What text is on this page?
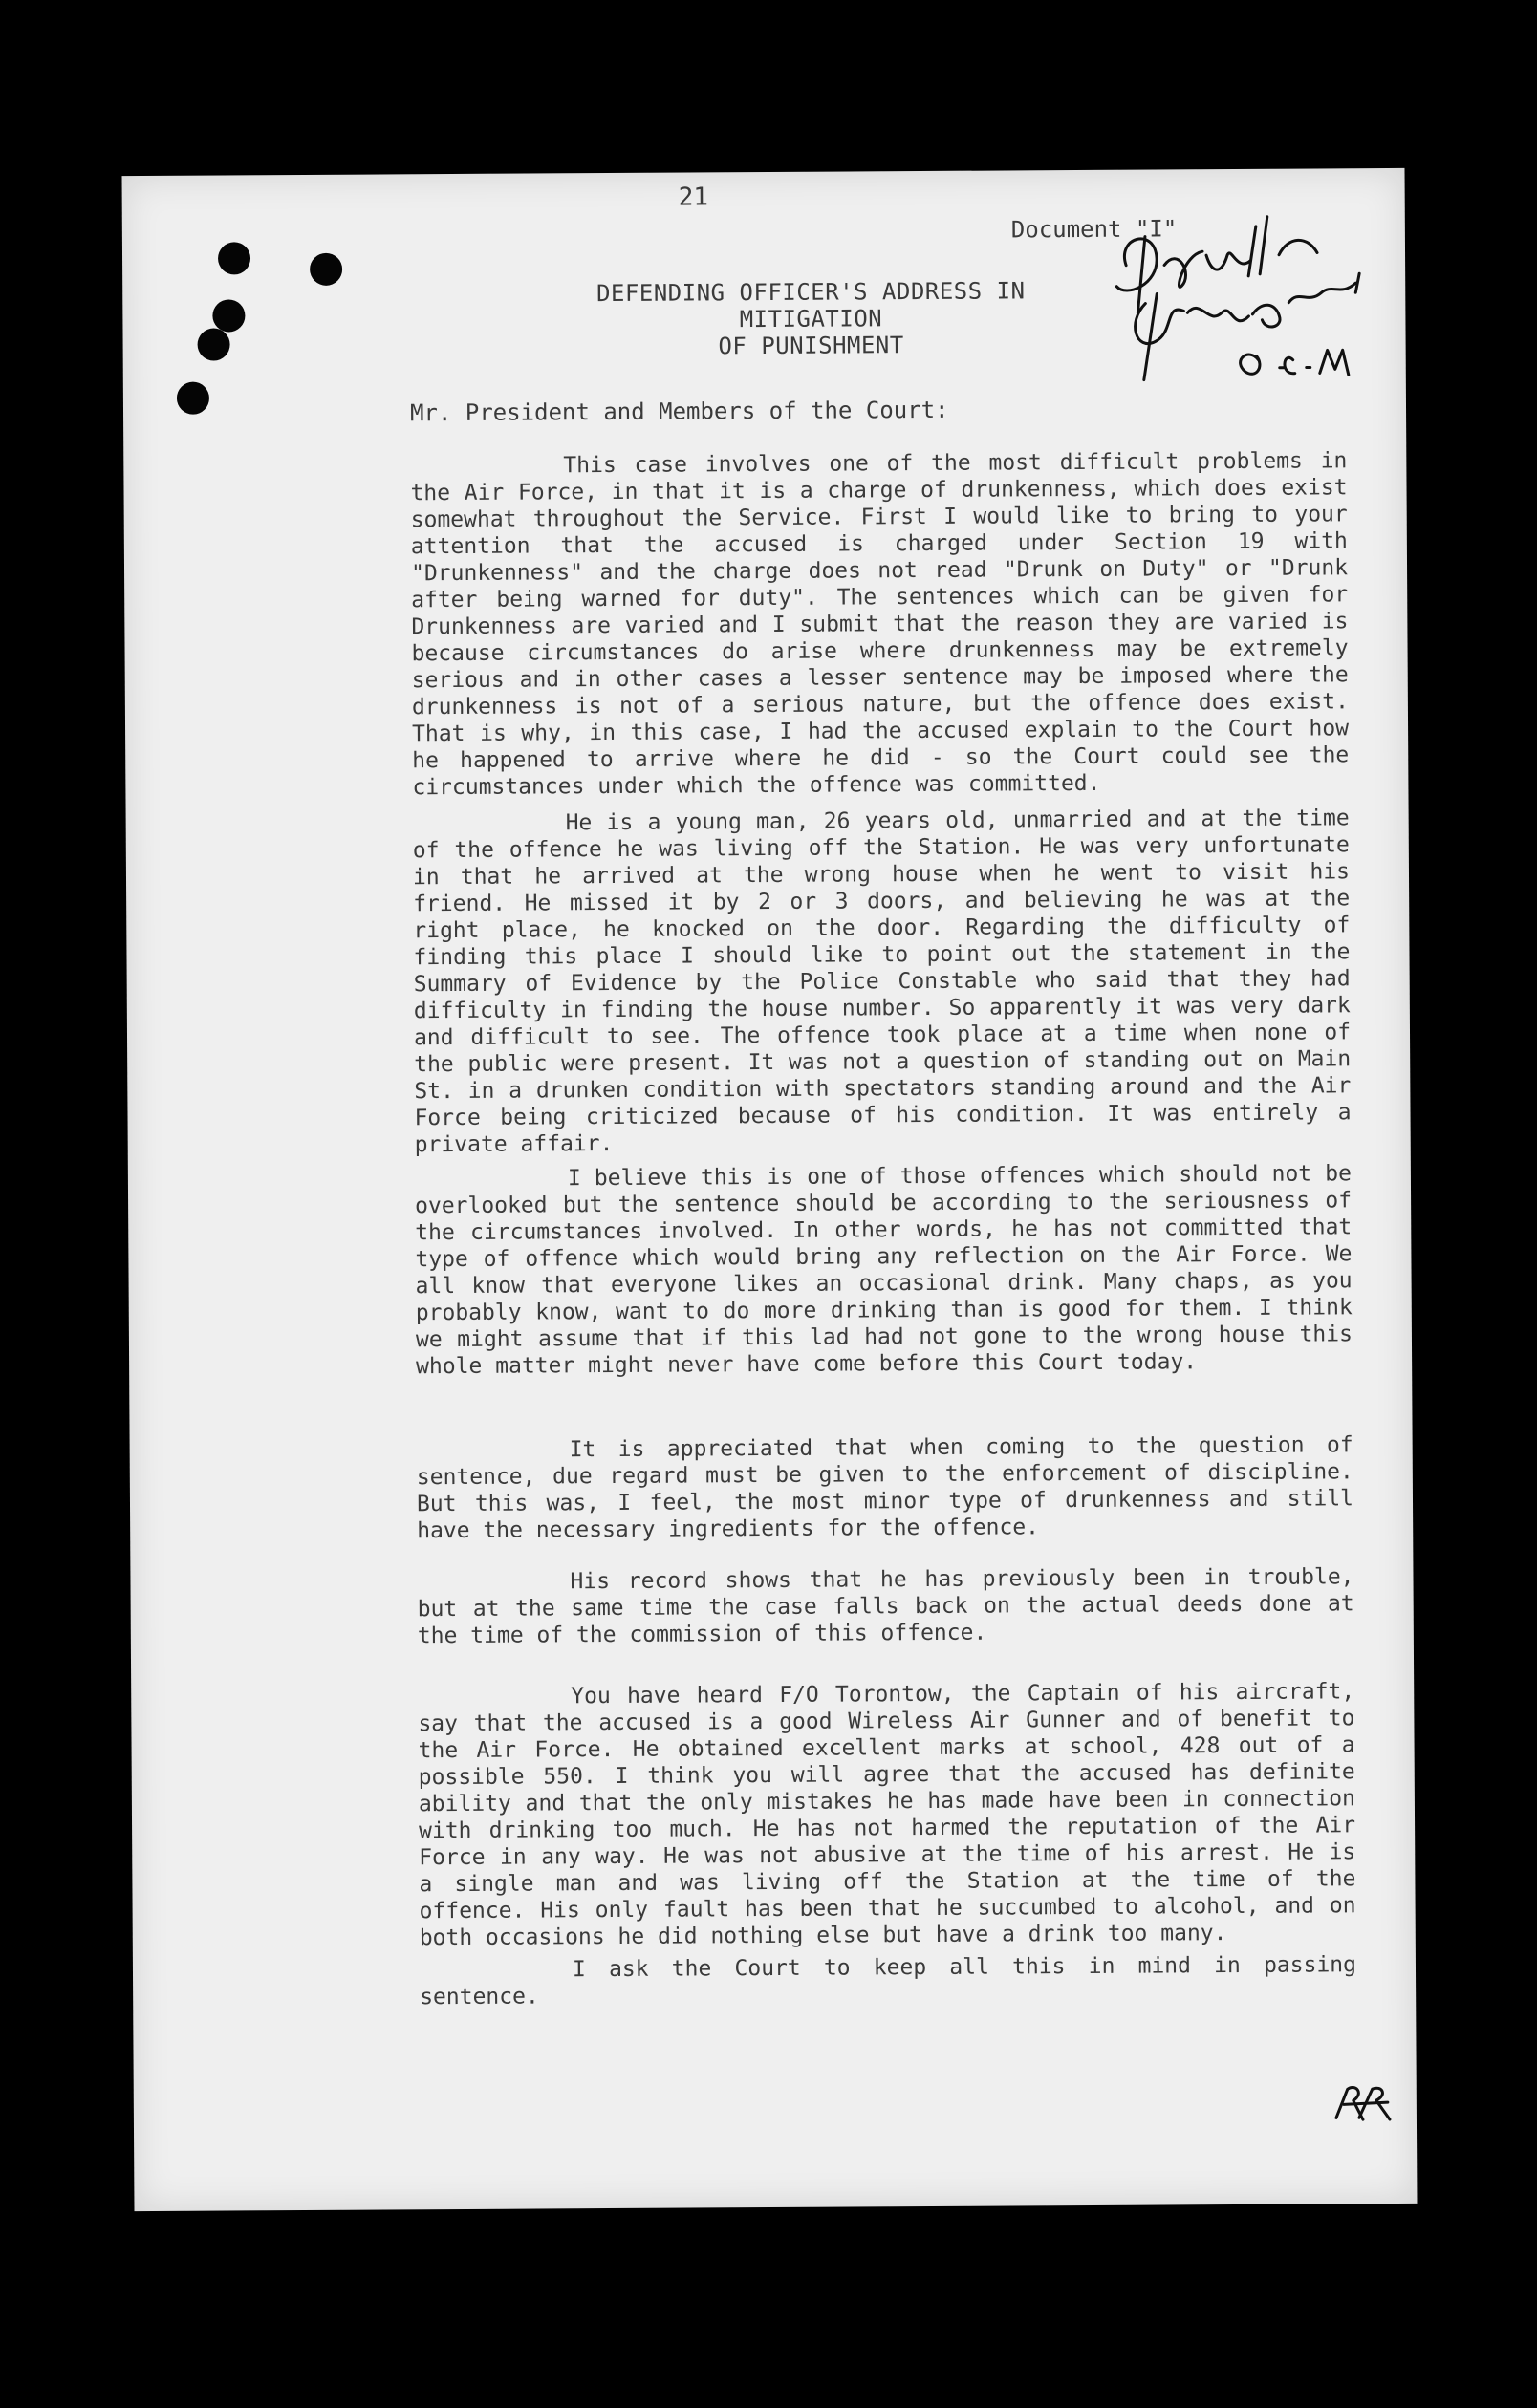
21
Document "I"
DEFENDING OFFICER'S ADDRESS IN MITIGATION
OF PUNISHMENT
Mr. President and Members of the Court:
This case involves one of the most difficult problems in the Air Force, in that it is a charge of drunkenness, which does exist somewhat throughout the Service. First I would like to bring to your attention that the accused is charged under Section 19 with "Drunkenness" and the charge does not read "Drunk on Duty" or "Drunk after being warned for duty". The sentences which can be given for Drunkenness are varied and I submit that the reason they are varied is because circumstances do arise where drunkenness may be extremely serious and in other cases a lesser sentence may be imposed where the drunkenness is not of a serious nature, but the offence does exist. That is why, in this case, I had the accused explain to the Court how he happened to arrive where he did - so the Court could see the circumstances under which the offence was committed.
He is a young man, 26 years old, unmarried and at the time of the offence he was living off the Station. He was very unfortunate in that he arrived at the wrong house when he went to visit his friend. He missed it by 2 or 3 doors, and believing he was at the right place, he knocked on the door. Regarding the difficulty of finding this place I should like to point out the statement in the Summary of Evidence by the Police Constable who said that they had difficulty in finding the house number. So apparently it was very dark and difficult to see. The offence took place at a time when none of the public were present. It was not a question of standing out on Main St. in a drunken condition with spectators standing around and the Air Force being criticized because of his condition. It was entirely a private affair.
I believe this is one of those offences which should not be overlooked but the sentence should be according to the seriousness of the circumstances involved. In other words, he has not committed that type of offence which would bring any reflection on the Air Force. We all know that everyone likes an occasional drink. Many chaps, as you probably know, want to do more drinking than is good for them. I think we might assume that if this lad had not gone to the wrong house this whole matter might never have come before this Court today.
It is appreciated that when coming to the question of sentence, due regard must be given to the enforcement of discipline. But this was, I feel, the most minor type of drunkenness and still have the necessary ingredients for the offence.
His record shows that he has previously been in trouble, but at the same time the case falls back on the actual deeds done at the time of the commission of this offence.
You have heard F/O Torontow, the Captain of his aircraft, say that the accused is a good Wireless Air Gunner and of benefit to the Air Force. He obtained excellent marks at school, 428 out of a possible 550. I think you will agree that the accused has definite ability and that the only mistakes he has made have been in connection with drinking too much. He has not harmed the reputation of the Air Force in any way. He was not abusive at the time of his arrest. He is a single man and was living off the Station at the time of the offence. His only fault has been that he succumbed to alcohol, and on both occasions he did nothing else but have a drink too many.
I ask the Court to keep all this in mind in passing sentence.
